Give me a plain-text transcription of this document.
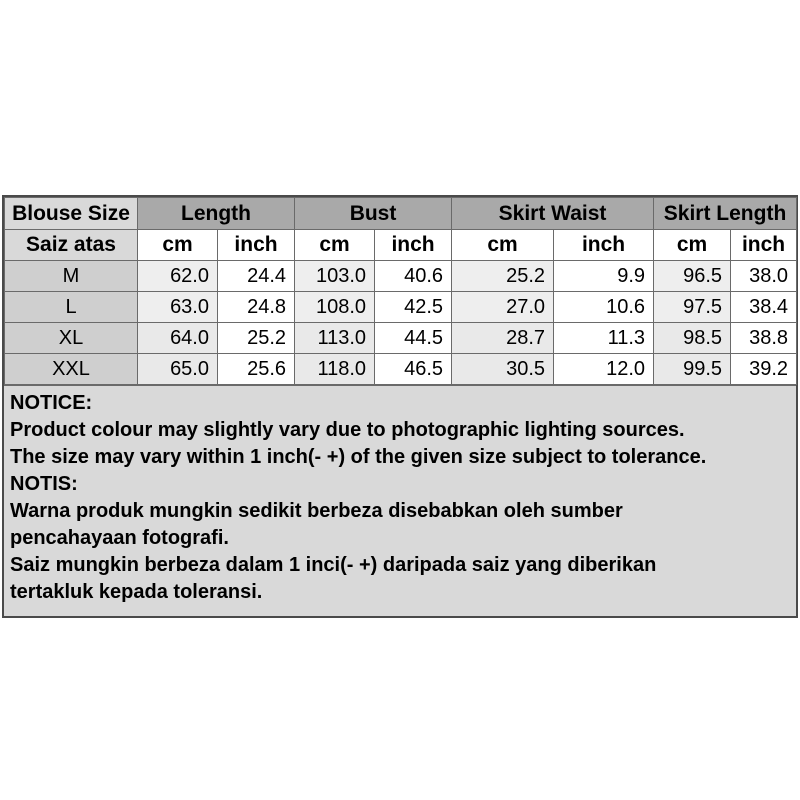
Blouse Size	Length		Bust		Skirt Waist		Skirt Length	
Saiz atas	cm	inch	cm	inch	cm	inch	cm	inch
M	62.0	24.4	103.0	40.6	25.2	9.9	96.5	38.0
L	63.0	24.8	108.0	42.5	27.0	10.6	97.5	38.4
XL	64.0	25.2	113.0	44.5	28.7	11.3	98.5	38.8
XXL	65.0	25.6	118.0	46.5	30.5	12.0	99.5	39.2

NOTICE:

Product colour may slightly vary due to photographic lighting sources.

The size may vary within 1 inch(- +) of the given size subject to tolerance.

NOTIS:

Warna produk mungkin sedikit berbeza disebabkan oleh sumber

pencahayaan fotografi.

Saiz mungkin berbeza dalam 1 inci(- +) daripada saiz yang diberikan

tertakluk kepada toleransi.
